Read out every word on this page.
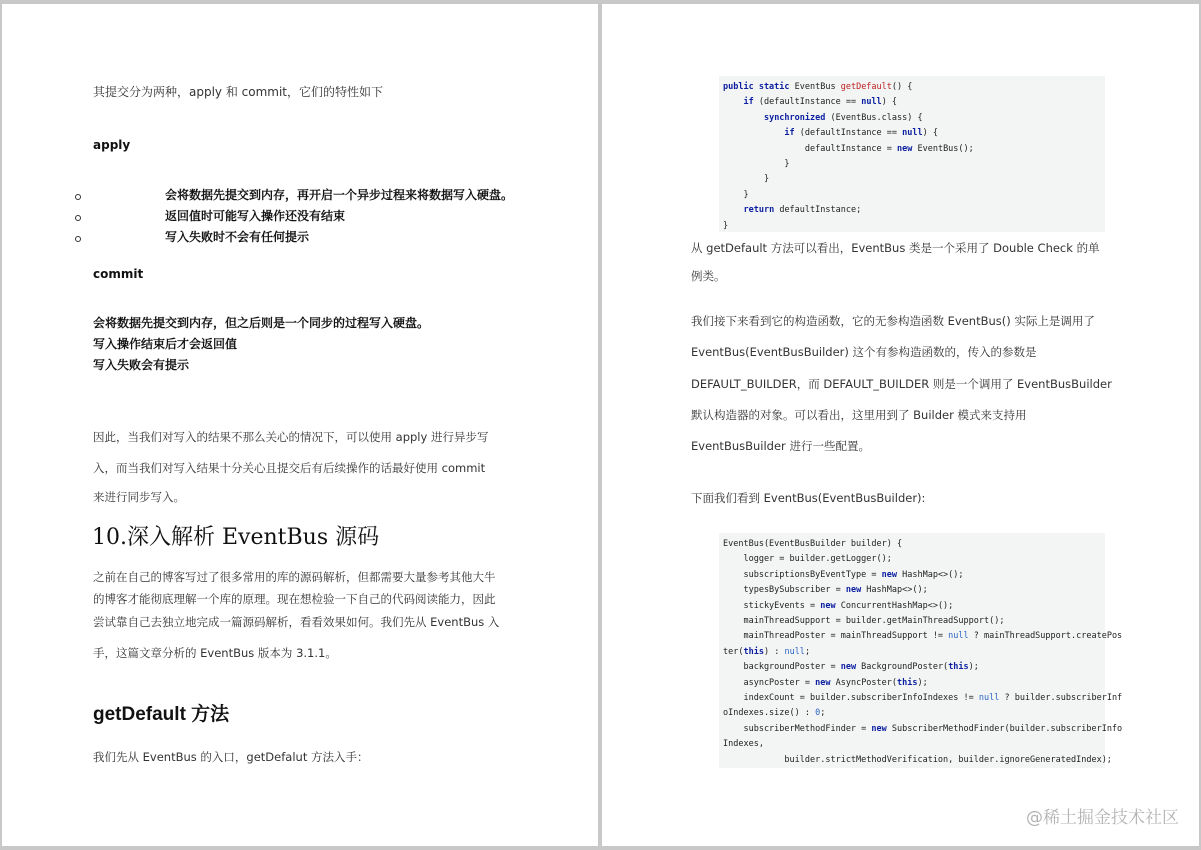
其提交分为两种，apply 和 commit，它们的特性如下
apply
会将数据先提交到内存，再开启一个异步过程来将数据写入硬盘。
返回值时可能写入操作还没有结束
写入失败时不会有任何提示
commit
会将数据先提交到内存，但之后则是一个同步的过程写入硬盘。
写入操作结束后才会返回值
写入失败会有提示
因此，当我们对写入的结果不那么关心的情况下，可以使用 apply 进行异步写
入，而当我们对写入结果十分关心且提交后有后续操作的话最好使用 commit
来进行同步写入。
10.深入解析 EventBus 源码
之前在自己的博客写过了很多常用的库的源码解析，但都需要大量参考其他大牛
的博客才能彻底理解一个库的原理。现在想检验一下自己的代码阅读能力，因此
尝试靠自己去独立地完成一篇源码解析，看看效果如何。我们先从 EventBus 入
手，这篇文章分析的 EventBus 版本为 3.1.1。
getDefault 方法
我们先从 EventBus 的入口，getDefalut 方法入手：
public static EventBus getDefault() {
if (defaultInstance == null) {
synchronized (EventBus.class) {
if (defaultInstance == null) {
defaultInstance = new EventBus();
}
}
}
return defaultInstance;
}
从 getDefault 方法可以看出，EventBus 类是一个采用了 Double Check 的单
例类。
我们接下来看到它的构造函数，它的无参构造函数 EventBus() 实际上是调用了
EventBus(EventBusBuilder) 这个有参构造函数的，传入的参数是
DEFAULT_BUILDER，而 DEFAULT_BUILDER 则是一个调用了 EventBusBuilder
默认构造器的对象。可以看出，这里用到了 Builder 模式来支持用
EventBusBuilder 进行一些配置。
下面我们看到 EventBus(EventBusBuilder):
EventBus(EventBusBuilder builder) {
logger = builder.getLogger();
subscriptionsByEventType = new HashMap<>();
typesBySubscriber = new HashMap<>();
stickyEvents = new ConcurrentHashMap<>();
mainThreadSupport = builder.getMainThreadSupport();
mainThreadPoster = mainThreadSupport != null ? mainThreadSupport.createPos
ter(this) : null;
backgroundPoster = new BackgroundPoster(this);
asyncPoster = new AsyncPoster(this);
indexCount = builder.subscriberInfoIndexes != null ? builder.subscriberInf
oIndexes.size() : 0;
subscriberMethodFinder = new SubscriberMethodFinder(builder.subscriberInfo
Indexes,
builder.strictMethodVerification, builder.ignoreGeneratedIndex);
@稀土掘金技术社区
